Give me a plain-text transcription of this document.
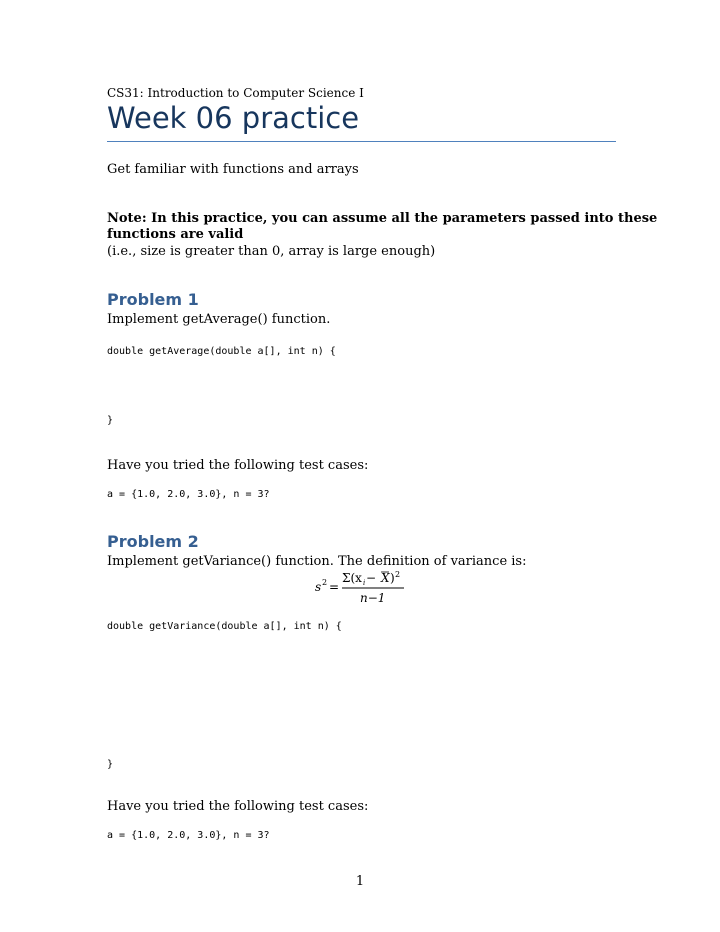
CS31: Introduction to Computer Science I
Week 06 practice
Get familiar with functions and arrays
Note: In this practice, you can assume all the parameters passed into these
functions are valid
(i.e., size is greater than 0, array is large enough)
Problem 1
Implement getAverage() function.
double getAverage(double a[], int n) {
}
Have you tried the following test cases:
a = {1.0, 2.0, 3.0}, n = 3?
Problem 2
Implement getVariance() function. The definition of variance is:
s 2 =
Σ(x i − X ) 2
n−1
double getVariance(double a[], int n) {
}
Have you tried the following test cases:
a = {1.0, 2.0, 3.0}, n = 3?
1
